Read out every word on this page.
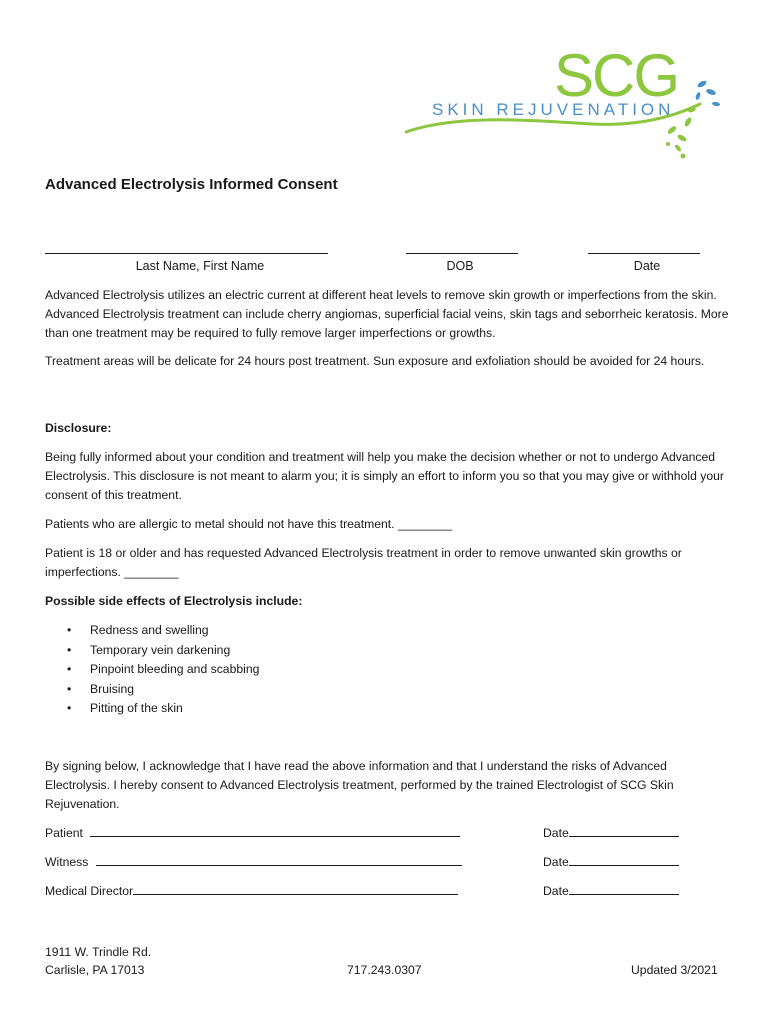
SCG
SKIN REJUVENATION
Advanced Electrolysis Informed Consent
Last Name, First Name	DOB	Date
Advanced Electrolysis utilizes an electric current at different heat levels to remove skin growth or imperfections from the skin. Advanced Electrolysis treatment can include cherry angiomas, superficial facial veins, skin tags and seborrheic keratosis. More than one treatment may be required to fully remove larger imperfections or growths.
Treatment areas will be delicate for 24 hours post treatment. Sun exposure and exfoliation should be avoided for 24 hours.
Disclosure:
Being fully informed about your condition and treatment will help you make the decision whether or not to undergo Advanced Electrolysis. This disclosure is not meant to alarm you; it is simply an effort to inform you so that you may give or withhold your consent of this treatment.
Patients who are allergic to metal should not have this treatment. ________
Patient is 18 or older and has requested Advanced Electrolysis treatment in order to remove unwanted skin growths or imperfections. ________
Possible side effects of Electrolysis include:
• Redness and swelling
• Temporary vein darkening
• Pinpoint bleeding and scabbing
• Bruising
• Pitting of the skin
By signing below, I acknowledge that I have read the above information and that I understand the risks of Advanced Electrolysis. I hereby consent to Advanced Electrolysis treatment, performed by the trained Electrologist of SCG Skin Rejuvenation.
Patient	Date
Witness	Date
Medical Director	Date
1911 W. Trindle Rd.
Carlisle, PA 17013	717.243.0307	Updated 3/2021
